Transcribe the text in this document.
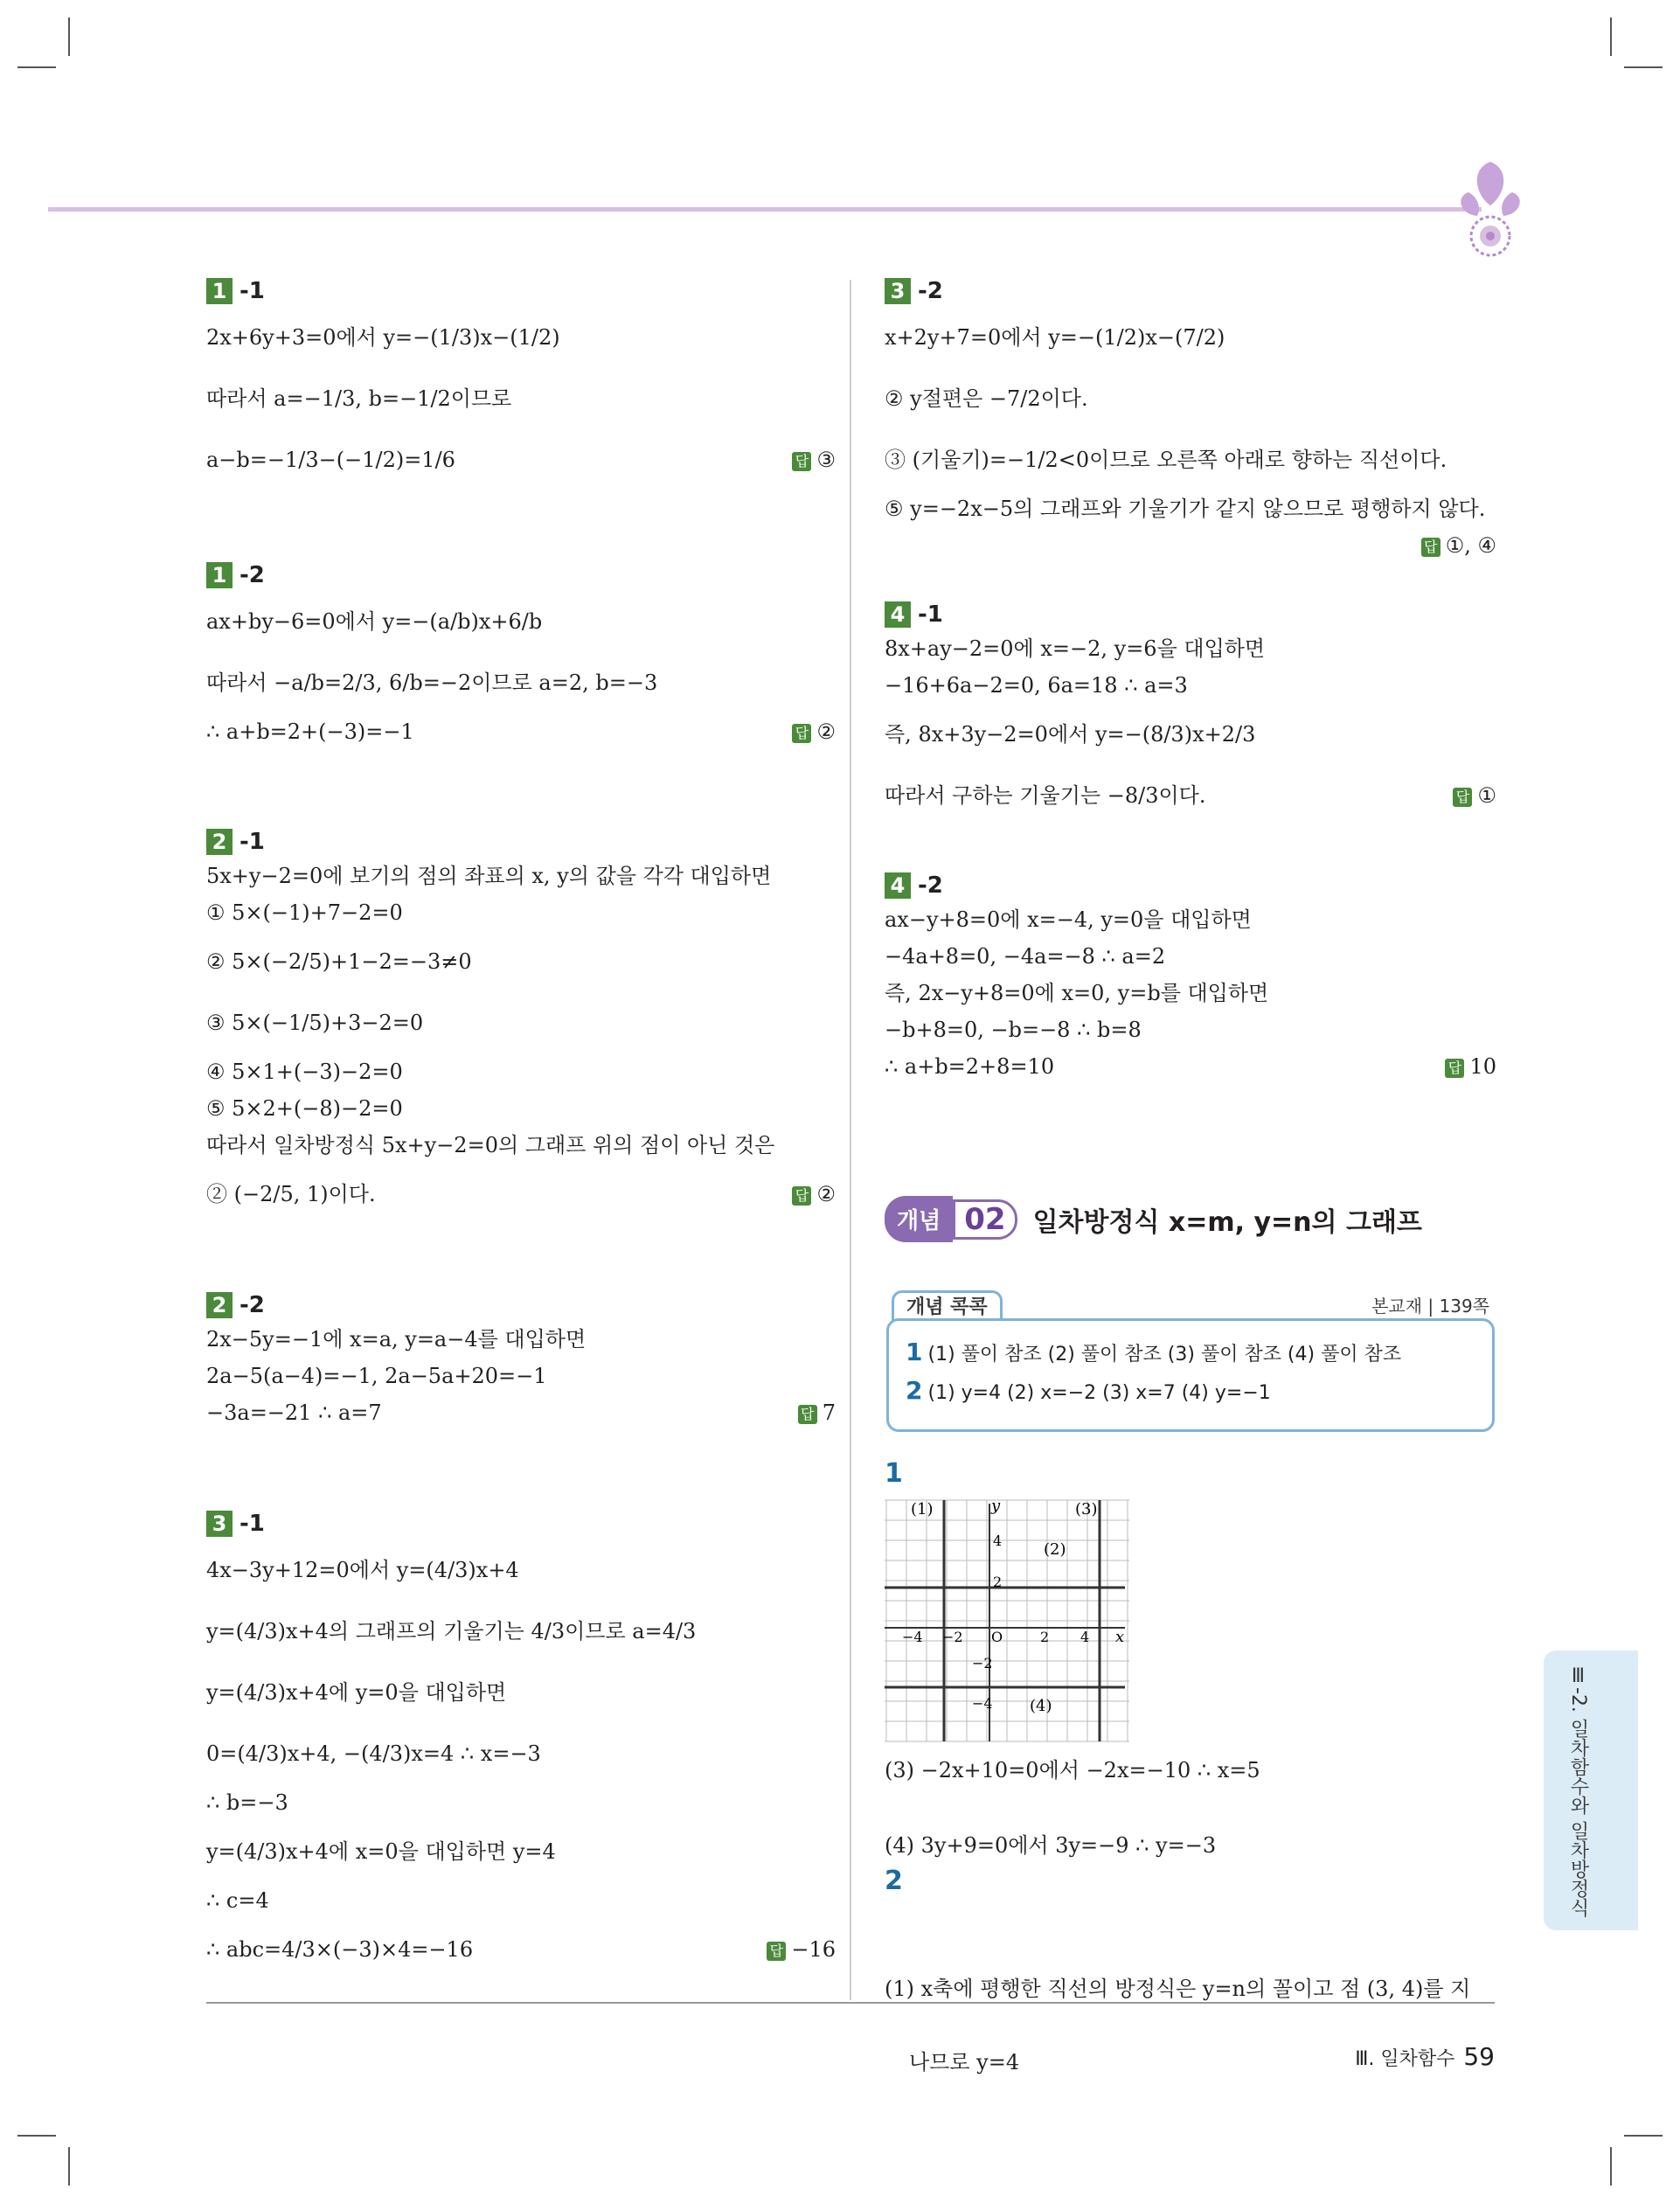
1 -1
2x+6y+3=0에서 y=−(1/3)x−(1/2)
따라서 a=−1/3, b=−1/2이므로
a−b=−1/3−(−1/2)=1/6	답 ③
1 -2
ax+by−6=0에서 y=−(a/b)x+6/b
따라서 −a/b=2/3, 6/b=−2이므로 a=2, b=−3
∴ a+b=2+(−3)=−1	답 ②
2 -1
5x+y−2=0에 보기의 점의 좌표의 x, y의 값을 각각 대입하면
① 5×(−1)+7−2=0
② 5×(−2/5)+1−2=−3≠0
③ 5×(−1/5)+3−2=0
④ 5×1+(−3)−2=0
⑤ 5×2+(−8)−2=0
따라서 일차방정식 5x+y−2=0의 그래프 위의 점이 아닌 것은
② (−2/5, 1)이다.	답 ②
2 -2
2x−5y=−1에 x=a, y=a−4를 대입하면
2a−5(a−4)=−1, 2a−5a+20=−1
−3a=−21 ∴ a=7	답 7
3 -1
4x−3y+12=0에서 y=(4/3)x+4
y=(4/3)x+4의 그래프의 기울기는 4/3이므로 a=4/3
y=(4/3)x+4에 y=0을 대입하면
0=(4/3)x+4, −(4/3)x=4 ∴ x=−3
∴ b=−3
y=(4/3)x+4에 x=0을 대입하면 y=4
∴ c=4
∴ abc=4/3×(−3)×4=−16	답 −16
3 -2
x+2y+7=0에서 y=−(1/2)x−(7/2)
② y절편은 −7/2이다.
③ (기울기)=−1/2<0이므로 오른쪽 아래로 향하는 직선이다.
⑤ y=−2x−5의 그래프와 기울기가 같지 않으므로 평행하지 않다.
답 ①, ④
4 -1
8x+ay−2=0에 x=−2, y=6을 대입하면
−16+6a−2=0, 6a=18 ∴ a=3
즉, 8x+3y−2=0에서 y=−(8/3)x+2/3
따라서 구하는 기울기는 −8/3이다.	답 ①
4 -2
ax−y+8=0에 x=−4, y=0을 대입하면
−4a+8=0, −4a=−8 ∴ a=2
즉, 2x−y+8=0에 x=0, y=b를 대입하면
−b+8=0, −b=−8 ∴ b=8
∴ a+b=2+8=10	답 10
개념 02	일차방정식 x=m, y=n의 그래프
개념 콕콕	본교재 | 139쪽
1 (1) 풀이 참조 (2) 풀이 참조 (3) 풀이 참조 (4) 풀이 참조
2 (1) y=4 (2) x=−2 (3) x=7 (4) y=−1
1
(1)
(2)
(3)
(4)
x
y
−4 −2 O	2 4
4
2
−2
−4
(3) −2x+10=0에서 −2x=−10 ∴ x=5
(4) 3y+9=0에서 3y=−9 ∴ y=−3
2
(1) x축에 평행한 직선의 방정식은 y=n의 꼴이고 점 (3, 4)를 지
나므로 y=4
Ⅲ-2. 일차함수와 일차방정식
Ⅲ. 일차함수 59
